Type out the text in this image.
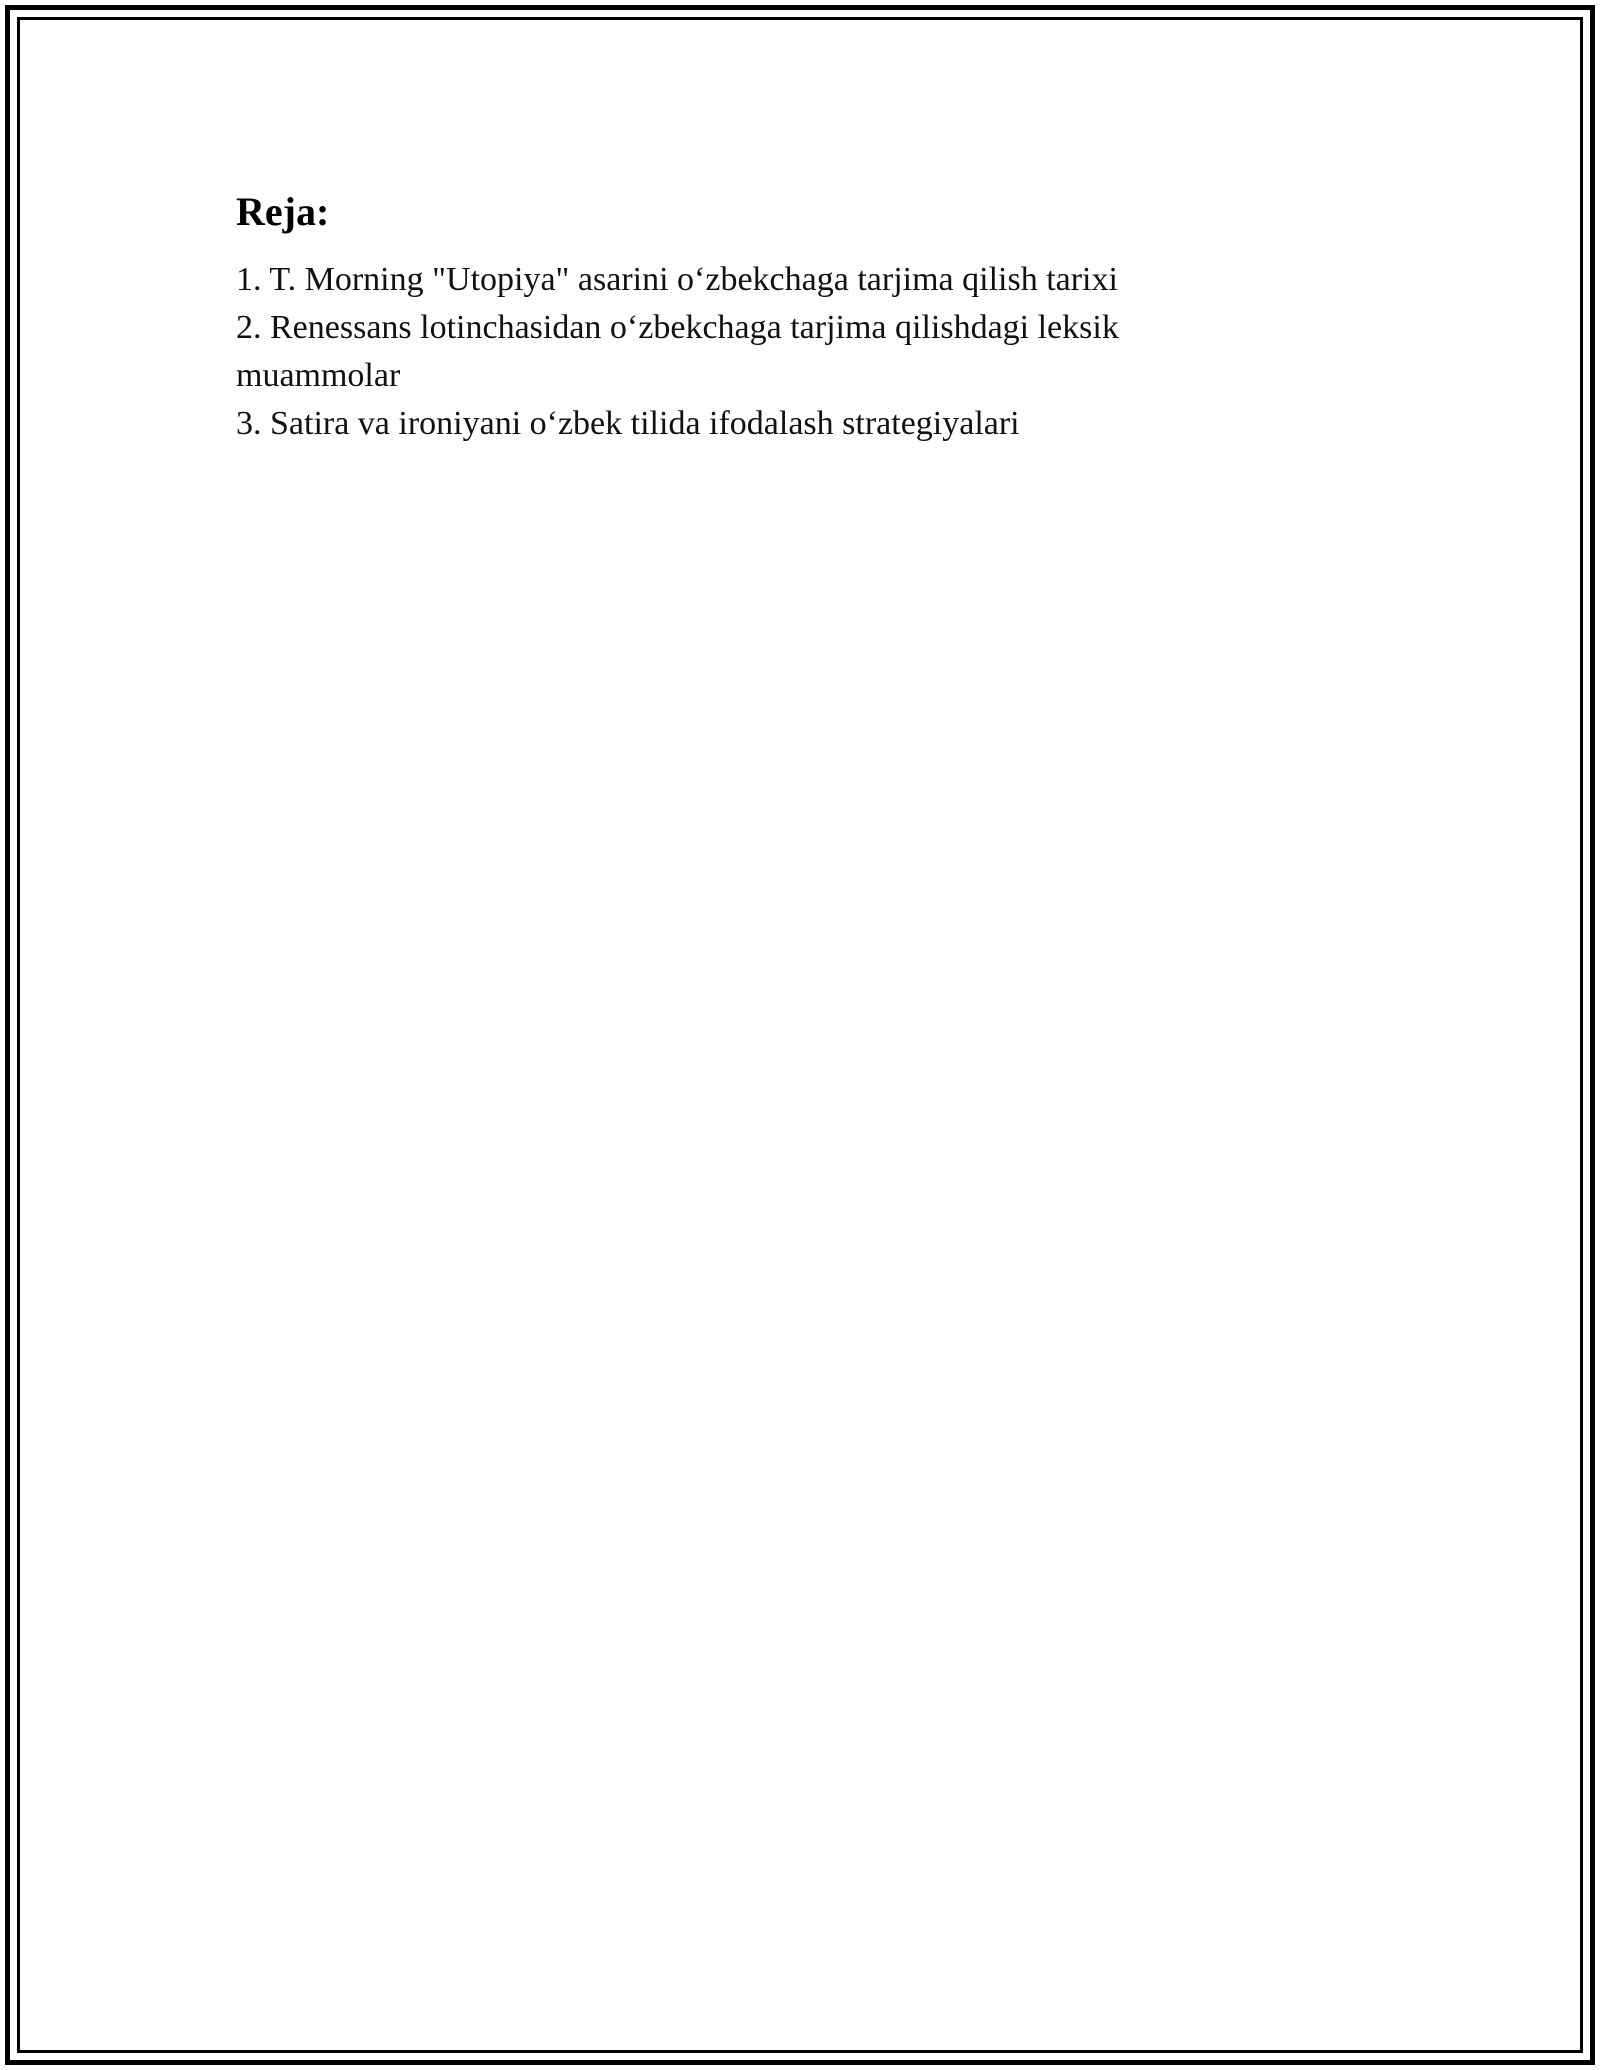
Reja:
1. T. Morning "Utopiya" asarini o‘zbekchaga tarjima qilish tarixi
2. Renessans lotinchasidan o‘zbekchaga tarjima qilishdagi leksik muammolar
3. Satira va ironiyani o‘zbek tilida ifodalash strategiyalari
